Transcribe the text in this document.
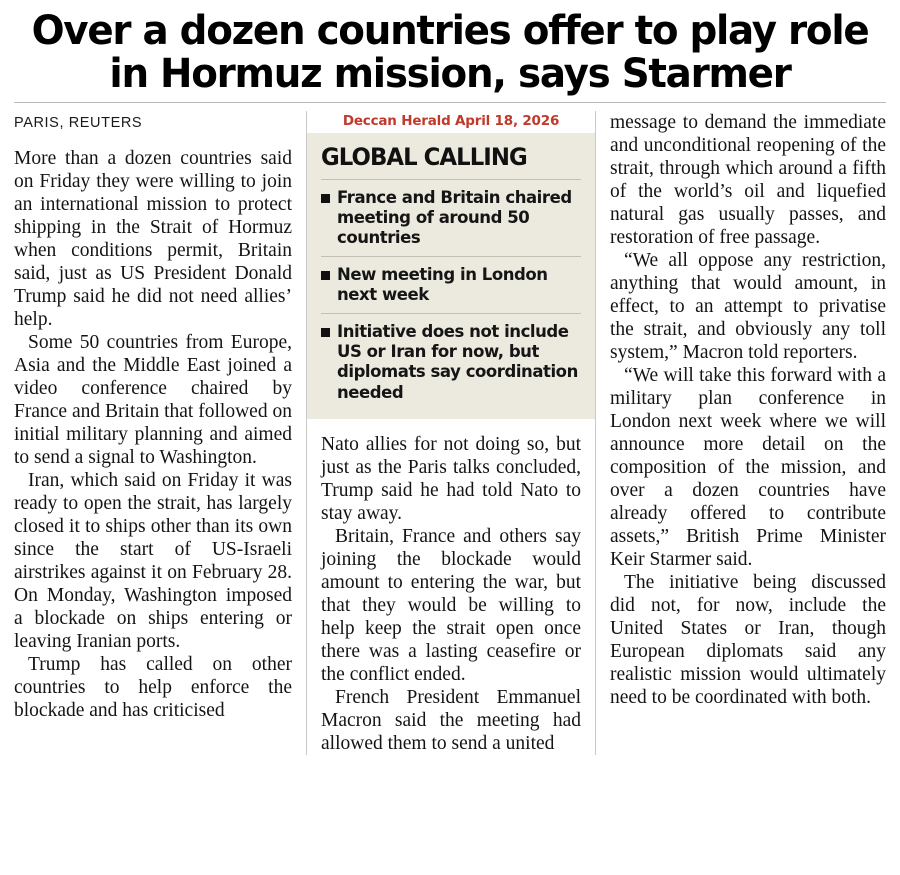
Over a dozen countries offer to play role
in Hormuz mission, says Starmer
PARIS, REUTERS

More than a dozen countries said on Friday they were willing to join an international mission to protect shipping in the Strait of Hormuz when conditions permit, Britain said, just as US President Donald Trump said he did not need allies’ help.

Some 50 countries from Europe, Asia and the Middle East joined a video conference chaired by France and Britain that followed on initial military planning and aimed to send a signal to Washington.

Iran, which said on Friday it was ready to open the strait, has largely closed it to ships other than its own since the start of US-Israeli airstrikes against it on February 28. On Monday, Washington imposed a blockade on ships entering or leaving Iranian ports.

Trump has called on other countries to help enforce the blockade and has criticised

Deccan Herald April 18, 2026
GLOBAL CALLING
France and Britain chaired meeting of around 50 countries
New meeting in London next week
Initiative does not include US or Iran for now, but diplomats say coordination needed

Nato allies for not doing so, but just as the Paris talks concluded, Trump said he had told Nato to stay away.

Britain, France and others say joining the blockade would amount to entering the war, but that they would be willing to help keep the strait open once there was a lasting ceasefire or the conflict ended.

French President Emmanuel Macron said the meeting had allowed them to send a united

message to demand the immediate and unconditional reopening of the strait, through which around a fifth of the world’s oil and liquefied natural gas usually passes, and restoration of free passage.

“We all oppose any restriction, anything that would amount, in effect, to an attempt to privatise the strait, and obviously any toll system,” Macron told reporters.

“We will take this forward with a military plan conference in London next week where we will announce more detail on the composition of the mission, and over a dozen countries have already offered to contribute assets,” British Prime Minister Keir Starmer said.

The initiative being discussed did not, for now, include the United States or Iran, though European diplomats said any realistic mission would ultimately need to be coordinated with both.
